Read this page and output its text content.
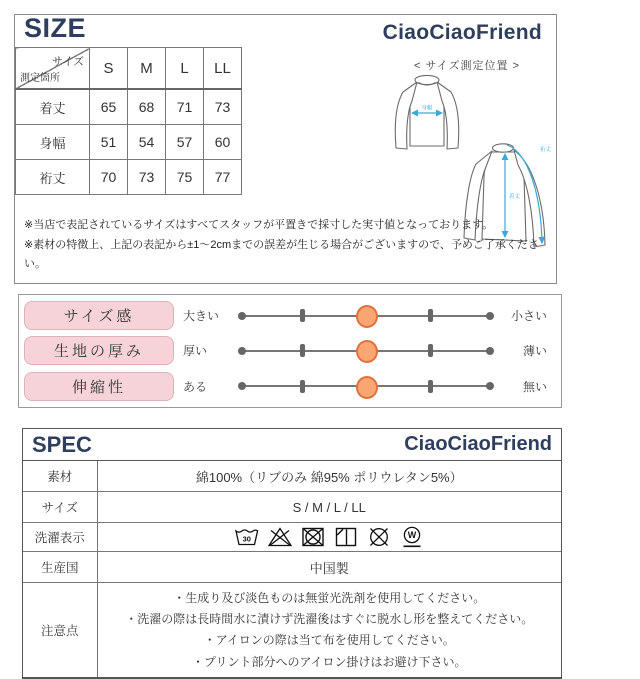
SIZE	CiaoCiaoFriend
サイズ
測定箇所	S	M	L	LL
着丈	65	68	71	73
身幅	51	54	57	60
裄丈	70	73	75	77
< サイズ測定位置 >
身幅
着丈
裄丈
※当店で表記されているサイズはすべてスタッフが平置きで採寸した実寸値となっております。
※素材の特徴上、上記の表記から±1～2cmまでの誤差が生じる場合がございますので、予めご了承ください。
サイズ感	大きい	小さい
生地の厚み	厚い	薄い
伸縮性	ある	無い
SPEC	CiaoCiaoFriend
素材	綿100%（リブのみ 綿95% ポリウレタン5%）
サイズ	S / M / L / LL
洗濯表示	30 W

生産国	中国製
注意点	・生成り及び淡色ものは無蛍光洗剤を使用してください。
・洗濯の際は長時間水に漬けず洗濯後はすぐに脱水し形を整えてください。
・アイロンの際は当て布を使用してください。
・プリント部分へのアイロン掛けはお避け下さい。
